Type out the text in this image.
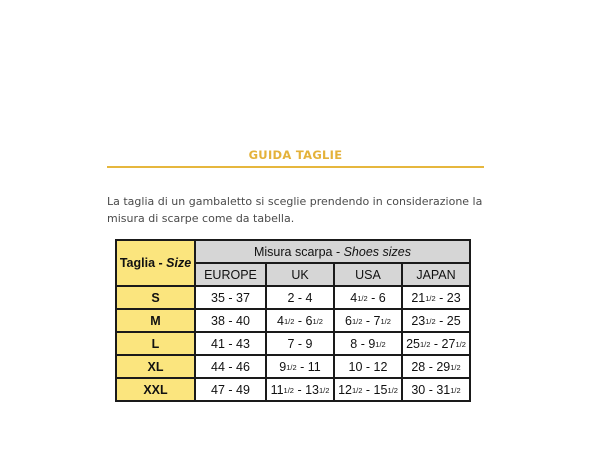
GUIDA TAGLIE
La taglia di un gambaletto si sceglie prendendo in considerazione la
misura di scarpe come da tabella.
Taglia - Size	Misura scarpa - Shoes sizes			
	EUROPE	UK	USA	JAPAN
S	35 - 37	2 - 4	41/2 - 6	211/2 - 23
M	38 - 40	41/2 - 61/2	61/2 - 71/2	231/2 - 25
L	41 - 43	7 - 9	8 - 91/2	251/2 - 271/2
XL	44 - 46	91/2 - 11	10 - 12	28 - 291/2
XXL	47 - 49	111/2 - 131/2	121/2 - 151/2	30 - 311/2
